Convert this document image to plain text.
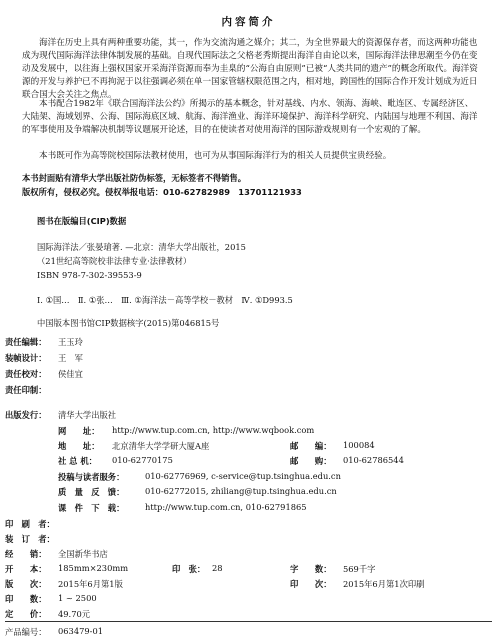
内容简介
海洋在历史上具有两种重要功能，其一，作为交流沟通之媒介；其二，为全世界最大的资源保存者，而这两种功能也成为现代国际海洋法律体制发展的基础。自现代国际法之父格老秀斯提出海洋自由论以来，国际海洋法律思潮至今仍在变动及发展中，以往海上强权国家开采海洋资源而奉为圭臬的“公海自由原则”已被“人类共同的遗产”的概念所取代。海洋资源的开发与养护已不再拘泥于以往强调必须在单一国家管辖权限范围之内，相对地，跨国性的国际合作开发计划成为近日联合国大会关注之焦点。
本书配合1982年《联合国海洋法公约》所揭示的基本概念，针对基线、内水、领海、海峡、毗连区、专属经济区、大陆架、海域划界、公海、国际海底区域、航海、海洋渔业、海洋环境保护、海洋科学研究、内陆国与地理不利国、海洋的军事使用及争端解决机制等议题展开论述，目的在使读者对使用海洋的国际游戏规则有一个宏观的了解。
本书既可作为高等院校国际法教材使用，也可为从事国际海洋行为的相关人员提供宝贵经验。
本书封面贴有清华大学出版社防伪标签，无标签者不得销售。
版权所有，侵权必究。侵权举报电话：010-62782989　13701121933
图书在版编目(CIP)数据
国际海洋法／张晏瑲著. —北京：清华大学出版社，2015
（21世纪高等院校非法律专业·法律教材）
ISBN 978-7-302-39553-9
Ⅰ. ①国…　Ⅱ. ①张…　Ⅲ. ①海洋法－高等学校－教材　Ⅳ. ①D993.5
中国版本图书馆CIP数据核字(2015)第046815号
责任编辑： 王玉玲
装帧设计： 王　军
责任校对： 侯佳宜
责任印制：
出版发行： 清华大学出版社
网　　址： http://www.tup.com.cn, http://www.wqbook.com
地　　址： 北京清华大学学研大厦A座	邮　　编： 100084
社 总 机： 010-62770175	邮　　购： 010-62786544
投稿与读者服务： 010-62776969, c-service@tup.tsinghua.edu.cn
质　量　反　馈： 010-62772015, zhiliang@tup.tsinghua.edu.cn
课　件　下　载： http://www.tup.com.cn, 010-62791865
印　刷　者：
装　订　者：
经　　销： 全国新华书店
开　　本： 185mm×230mm	印　张： 28	字　　数： 569千字
版　　次： 2015年6月第1版	印　　次： 2015年6月第1次印刷
印　　数： 1 ~ 2500
定　　价： 49.70元
产品编号： 063479-01
